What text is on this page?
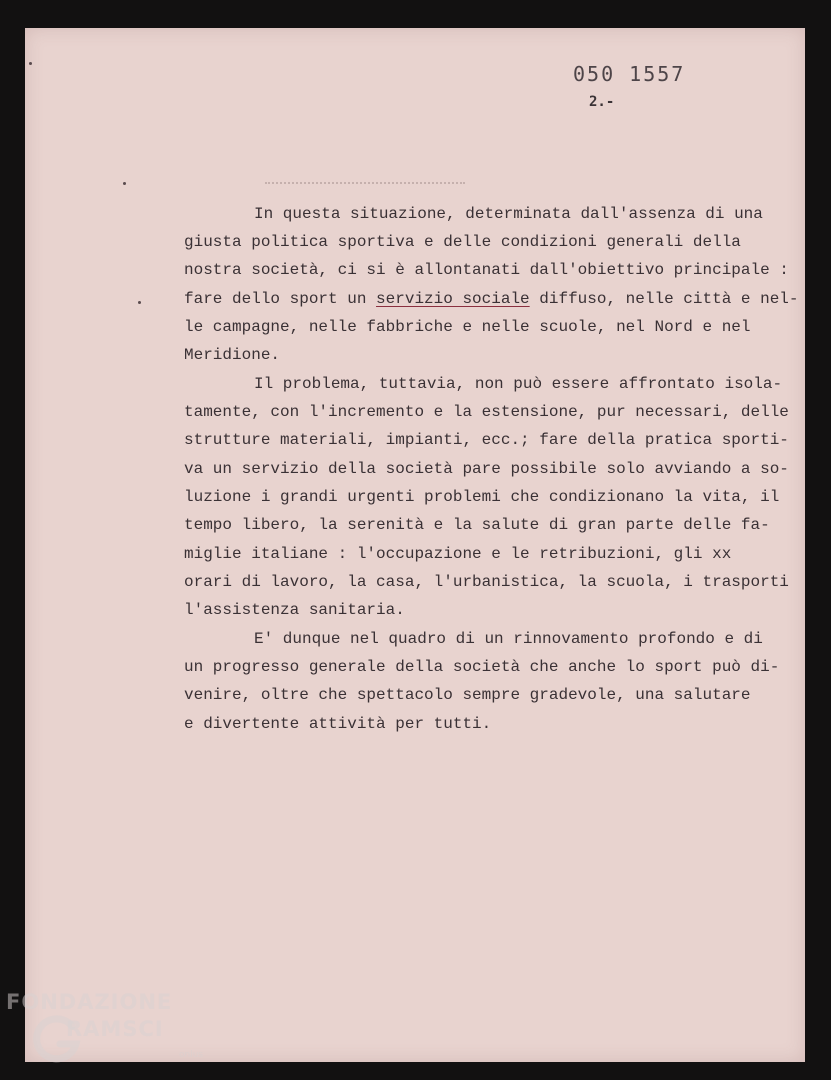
050 1557
2.-
In questa situazione, determinata dall'assenza di una
giusta politica sportiva e delle condizioni generali della
nostra società, ci si è allontanati dall'obiettivo principale :
fare dello sport un servizio sociale diffuso, nelle città e nel-
le campagne, nelle fabbriche e nelle scuole, nel Nord e nel
Meridione.
Il problema, tuttavia, non può essere affrontato isola-
tamente, con l'incremento e la estensione, pur necessari, delle
strutture materiali, impianti, ecc.; fare della pratica sporti-
va un servizio della società pare possibile solo avviando a so-
luzione i grandi urgenti problemi che condizionano la vita, il
tempo libero, la serenità e la salute di gran parte delle fa-
miglie italiane : l'occupazione e le retribuzioni, gli xx
orari di lavoro, la casa, l'urbanistica, la scuola, i trasporti
l'assistenza sanitaria.
E' dunque nel quadro di un rinnovamento profondo e di
un progresso generale della società che anche lo sport può di-
venire, oltre che spettacolo sempre gradevole, una salutare
e divertente attività per tutti.
FONDAZIONE
RAMSCI
onlus
